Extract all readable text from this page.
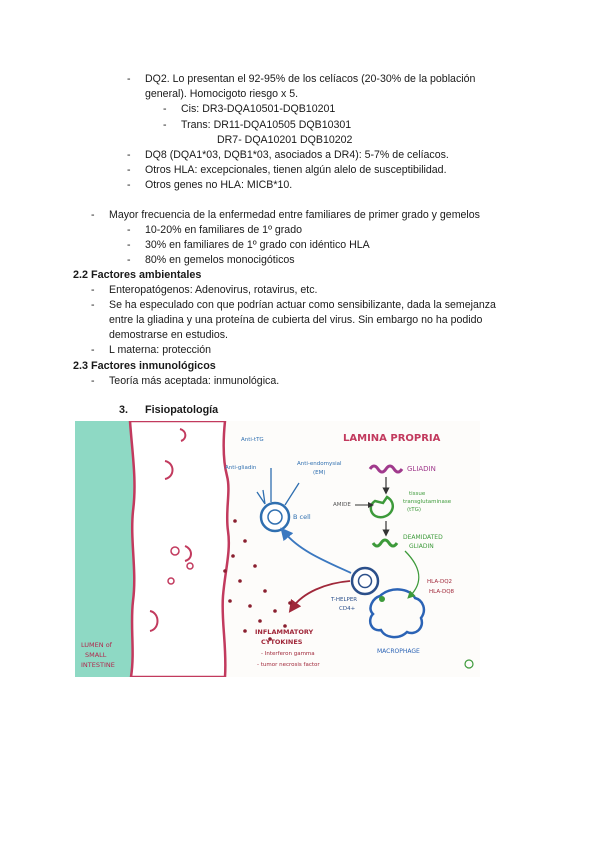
- DQ2. Lo presentan el 92-95% de los celíacos (20-30% de la población
general). Homocigoto riesgo x 5.
- Cis: DR3-DQA10501-DQB10201
- Trans: DR11-DQA10505 DQB10301
DR7- DQA10201 DQB10202
- DQ8 (DQA1*03, DQB1*03, asociados a DR4): 5-7% de celíacos.
- Otros HLA: excepcionales, tienen algún alelo de susceptibilidad.
- Otros genes no HLA: MICB*10.
- Mayor frecuencia de la enfermedad entre familiares de primer grado y gemelos
- 10-20% en familiares de 1º grado
- 30% en familiares de 1º grado con idéntico HLA
- 80% en gemelos monocigóticos
2.2 Factores ambientales
- Enteropatógenos: Adenovirus, rotavirus, etc.
- Se ha especulado con que podrían actuar como sensibilizante, dada la semejanza
entre la gliadina y una proteína de cubierta del virus. Sin embargo no ha podido
demostrarse en estudios.
- L materna: protección
2.3 Factores inmunológicos
- Teoría más aceptada: inmunológica.
3. Fisiopatología
LUMEN of
SMALL
INTESTINE
LAMINA PROPRIA
GLIADIN
tissue
transglutaminase
(tTG)
AMIDE
DEAMIDATED
GLIADIN
B cell
Anti-tTG
Anti-gliadin
Anti-endomysial
(EM)
T-HELPER
CD4+
MACROPHAGE
HLA-DQ2
HLA-DQ8
INFLAMMATORY
CYTOKINES
- Interferon gamma
- tumor necrosis factor
